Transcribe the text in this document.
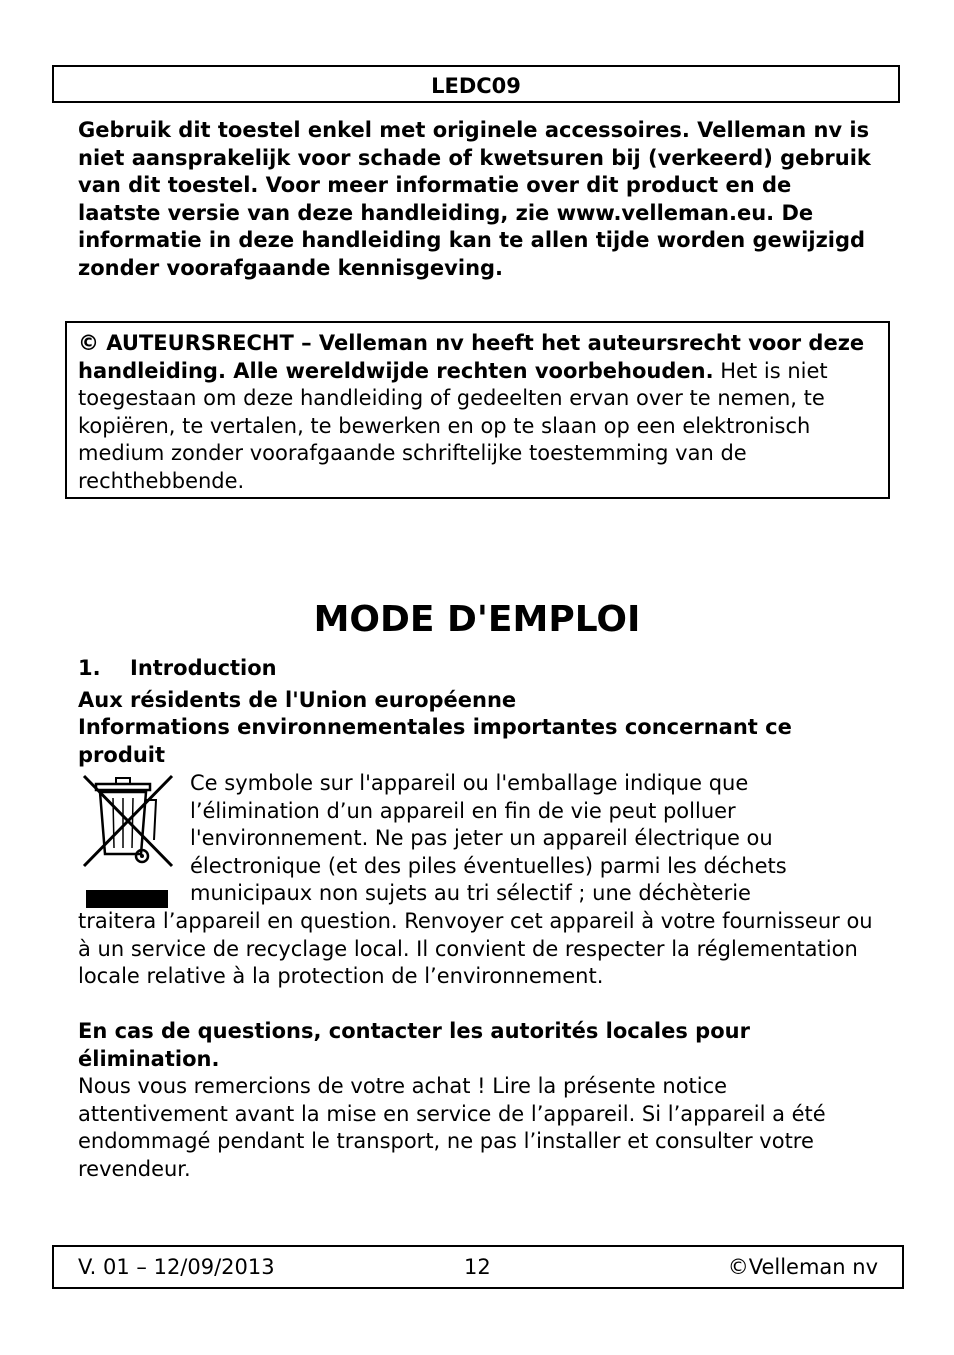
LEDC09

Gebruik dit toestel enkel met originele accessoires. Velleman nv is niet aansprakelijk voor schade of kwetsuren bij (verkeerd) gebruik van dit toestel. Voor meer informatie over dit product en de laatste versie van deze handleiding, zie www.velleman.eu. De informatie in deze handleiding kan te allen tijde worden gewijzigd zonder voorafgaande kennisgeving.

© AUTEURSRECHT – Velleman nv heeft het auteursrecht voor deze handleiding. Alle wereldwijde rechten voorbehouden. Het is niet toegestaan om deze handleiding of gedeelten ervan over te nemen, te kopiëren, te vertalen, te bewerken en op te slaan op een elektronisch medium zonder voorafgaande schriftelijke toestemming van de rechthebbende.
MODE D'EMPLOI
1. Introduction

Aux résidents de l'Union européenne

Informations environnementales importantes concernant ce produit

Ce symbole sur l'appareil ou l'emballage indique que l’élimination d’un appareil en fin de vie peut polluer l'environnement. Ne pas jeter un appareil électrique ou électronique (et des piles éventuelles) parmi les déchets municipaux non sujets au tri sélectif ; une déchèterie

traitera l’appareil en question. Renvoyer cet appareil à votre fournisseur ou à un service de recyclage local. Il convient de respecter la réglementation locale relative à la protection de l’environnement.

En cas de questions, contacter les autorités locales pour élimination.

Nous vous remercions de votre achat ! Lire la présente notice attentivement avant la mise en service de l’appareil. Si l’appareil a été endommagé pendant le transport, ne pas l’installer et consulter votre revendeur.

V. 01 – 12/09/2013	12	©Velleman nv
